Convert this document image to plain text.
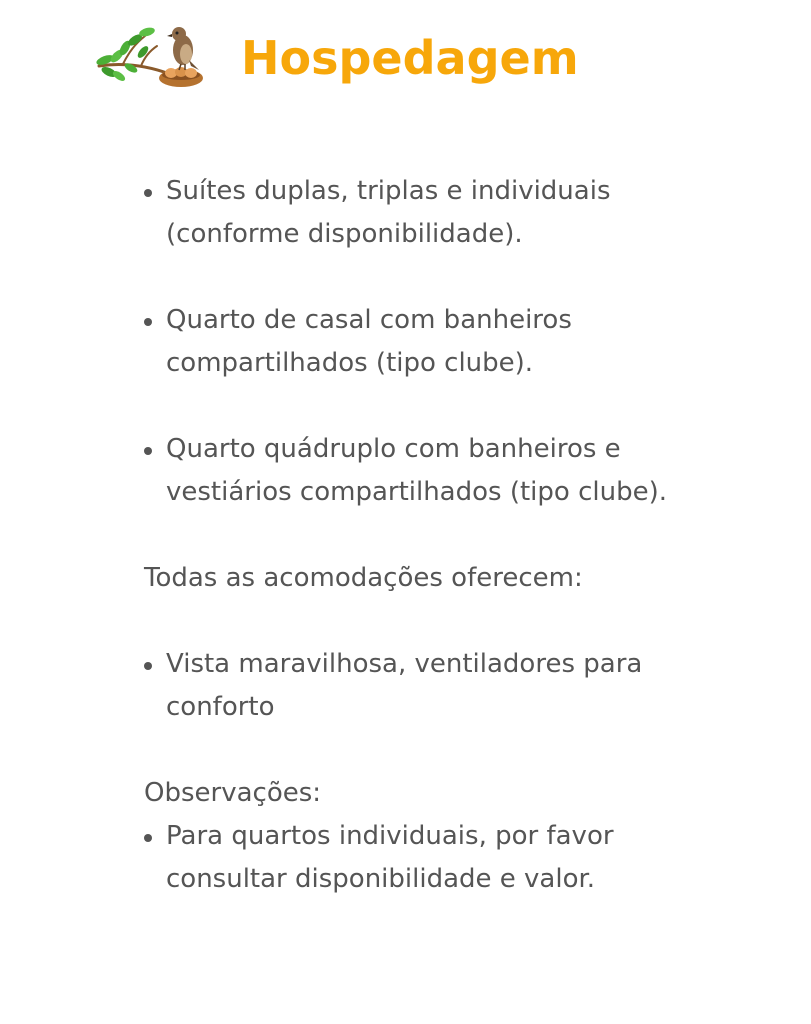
Hospedagem
Suítes duplas, triplas e individuais
(conforme disponibilidade).
Quarto de casal com banheiros
compartilhados (tipo clube).
Quarto quádruplo com banheiros e
vestiários compartilhados (tipo clube).
Todas as acomodações oferecem:
Vista maravilhosa, ventiladores para
conforto
Observações:
Para quartos individuais, por favor
consultar disponibilidade e valor.
